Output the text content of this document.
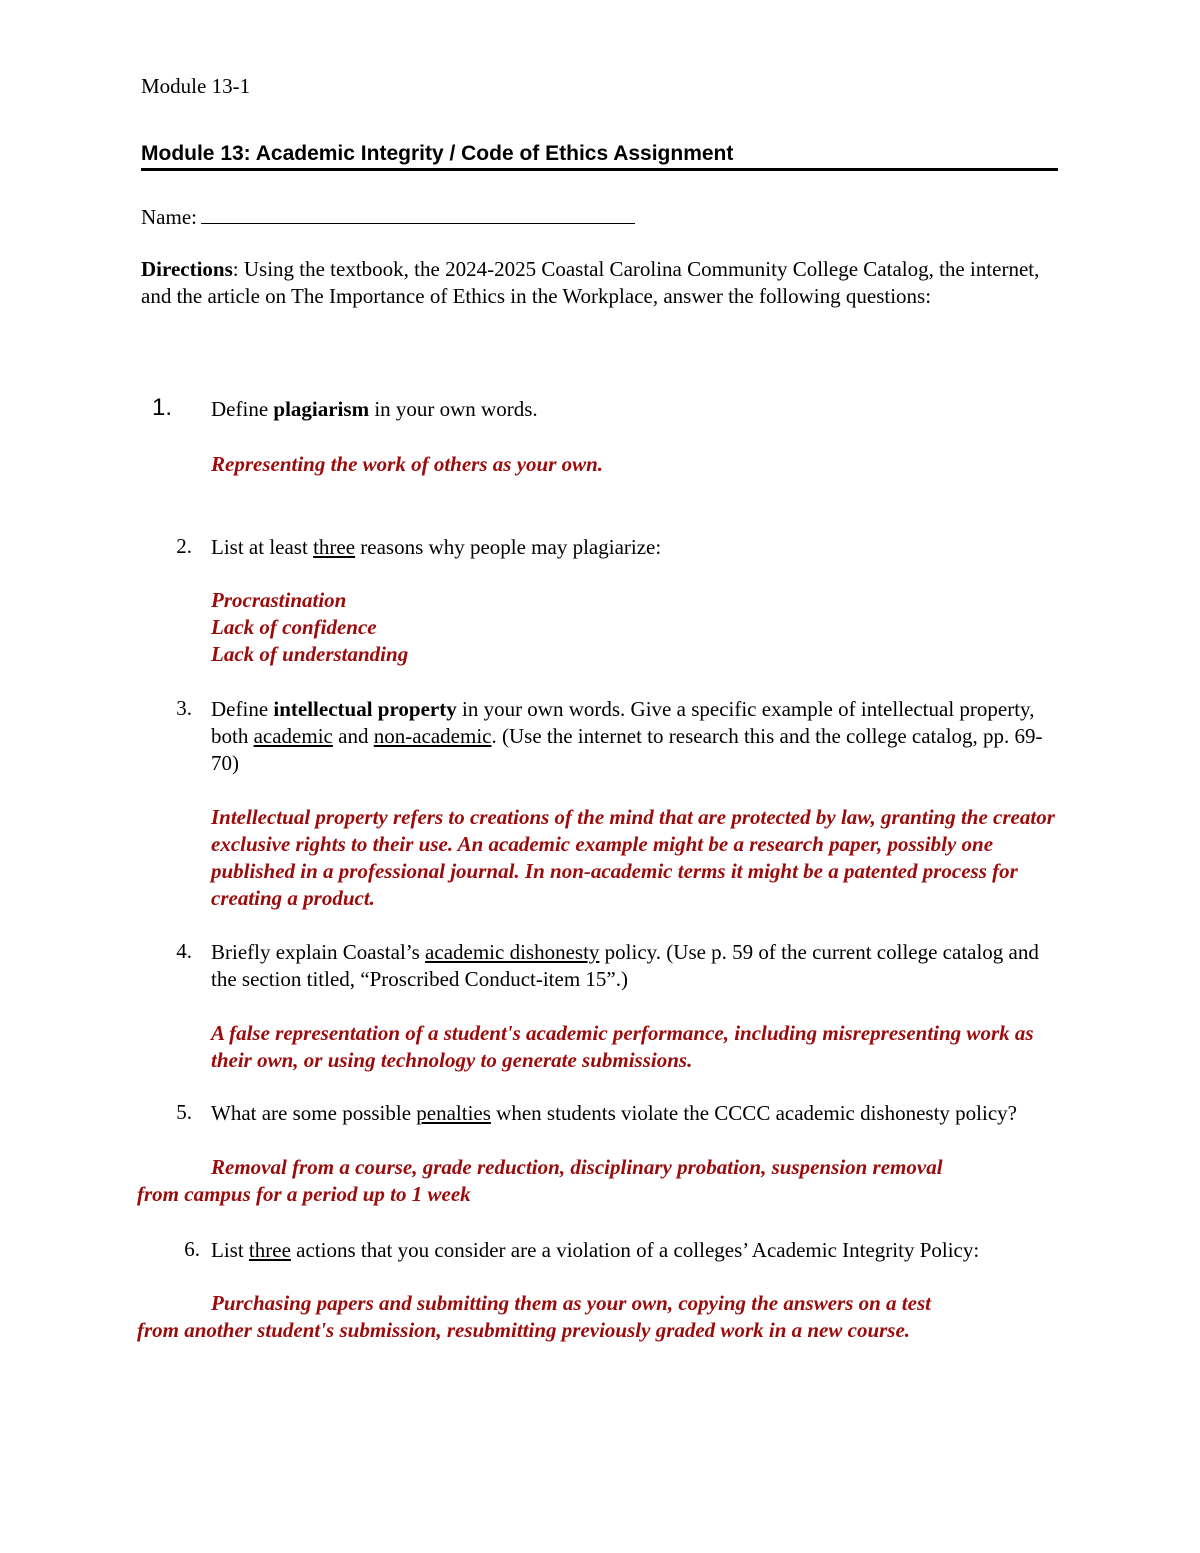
Module 13-1
Module 13: Academic Integrity / Code of Ethics Assignment
Name:
Directions: Using the textbook, the 2024-2025 Coastal Carolina Community College Catalog, the internet, and the article on The Importance of Ethics in the Workplace, answer the following questions:
1.	Define plagiarism in your own words.
Representing the work of others as your own.
2. List at least three reasons why people may plagiarize:
Procrastination
Lack of confidence
Lack of understanding
3. Define intellectual property in your own words. Give a specific example of intellectual property, both academic and non-academic. (Use the internet to research this and the college catalog, pp. 69-70)
Intellectual property refers to creations of the mind that are protected by law, granting the creator exclusive rights to their use. An academic example might be a research paper, possibly one published in a professional journal. In non-academic terms it might be a patented process for creating a product.
4. Briefly explain Coastal’s academic dishonesty policy. (Use p. 59 of the current college catalog and the section titled, “Proscribed Conduct-item 15”.)
A false representation of a student's academic performance, including misrepresenting work as their own, or using technology to generate submissions.
5. What are some possible penalties when students violate the CCCC academic dishonesty policy?
Removal from a course, grade reduction, disciplinary probation, suspension removal
from campus for a period up to 1 week
6. List three actions that you consider are a violation of a colleges’ Academic Integrity Policy:
Purchasing papers and submitting them as your own, copying the answers on a test
from another student's submission, resubmitting previously graded work in a new course.
